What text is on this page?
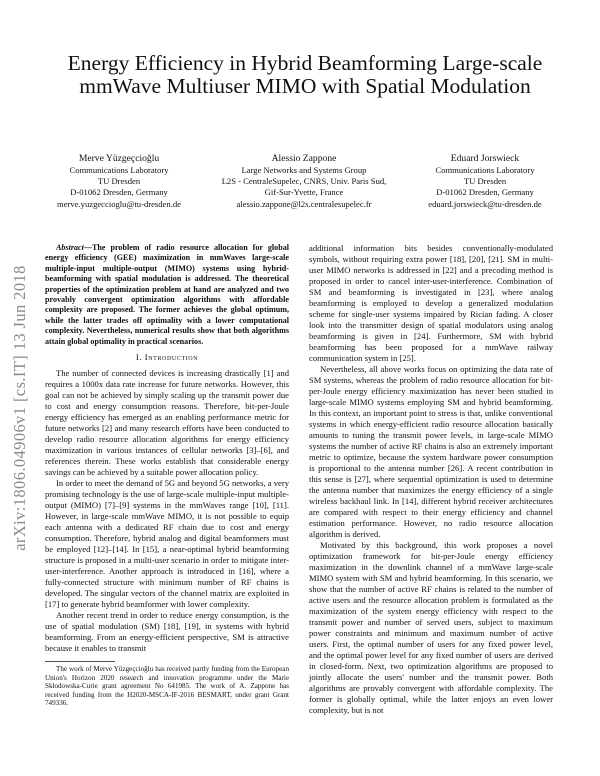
arXiv:1806.04906v1 [cs.IT] 13 Jun 2018
Energy Efficiency in Hybrid Beamforming Large-scale mmWave Multiuser MIMO with Spatial Modulation
Merve Yüzgeçcioğlu
Communications Laboratory
TU Dresden
D-01062 Dresden, Germany
merve.yuzgeccioglu@tu-dresden.de
Alessio Zappone
Large Networks and Systems Group
L2S - CentraleSupelec, CNRS, Univ. Paris Sud,
Gif-Sur-Yvette, France
alessio.zappone@l2s.centralesupelec.fr
Eduard Jorswieck
Communications Laboratory
TU Dresden
D-01062 Dresden, Germany
eduard.jorswieck@tu-dresden.de

Abstract—The problem of radio resource allocation for global energy efficiency (GEE) maximization in mmWaves large-scale multiple-input multiple-output (MIMO) systems using hybrid-beamforming with spatial modulation is addressed. The theoretical properties of the optimization problem at hand are analyzed and two provably convergent optimization algorithms with affordable complexity are proposed. The former achieves the global optimum, while the latter trades off optimality with a lower computational complexity. Nevertheless, numerical results show that both algorithms attain global optimality in practical scenarios.

I. Introduction

The number of connected devices is increasing drastically [1] and requires a 1000x data rate increase for future networks. However, this goal can not be achieved by simply scaling up the transmit power due to cost and energy consumption reasons. Therefore, bit-per-Joule energy efficiency has emerged as an enabling performance metric for future networks [2] and many research efforts have been conducted to develop radio resource allocation algorithms for energy efficiency maximization in various instances of cellular networks [3]–[6], and references therein. These works establish that considerable energy savings can be achieved by a suitable power allocation policy.

In order to meet the demand of 5G and beyond 5G networks, a very promising technology is the use of large-scale multiple-input multiple-output (MIMO) [7]–[9] systems in the mmWaves range [10], [11]. However, in large-scale mmWave MIMO, it is not possible to equip each antenna with a dedicated RF chain due to cost and energy consumption. Therefore, hybrid analog and digital beamformers must be employed [12]–[14]. In [15], a near-optimal hybrid beamforming structure is proposed in a multi-user scenario in order to mitigate inter-user-interference. Another approach is introduced in [16], where a fully-connected structure with minimum number of RF chains is developed. The singular vectors of the channel matrix are exploited in [17] to generate hybrid beamformer with lower complexity.

Another recent trend in order to reduce energy consumption, is the use of spatial modulation (SM) [18], [19], in systems with hybrid beamforming. From an energy-efficient perspective, SM is attractive because it enables to transmit

The work of Merve Yüzgeçcioğlu has received partly funding from the European Union's Horizon 2020 research and innovation programme under the Marie Skłodowska-Curie grant agreement No 641985. The work of A. Zappone has received funding from the H2020-MSCA-IF-2016 BESMART, under grant Grant 749336.

additional information bits besides conventionally-modulated symbols, without requiring extra power [18], [20], [21]. SM in multi-user MIMO networks is addressed in [22] and a precoding method is proposed in order to cancel inter-user-interference. Combination of SM and beamforming is investigated in [23], where analog beamforming is employed to develop a generalized modulation scheme for single-user systems impaired by Rician fading. A closer look into the transmitter design of spatial modulators using analog beamforming is given in [24]. Furthermore, SM with hybrid beamforming has been proposed for a mmWave railway communication system in [25].

Nevertheless, all above works focus on optimizing the data rate of SM systems, whereas the problem of radio resource allocation for bit-per-Joule energy efficiency maximization has never been studied in large-scale MIMO systems employing SM and hybrid beamforming. In this context, an important point to stress is that, unlike conventional systems in which energy-efficient radio resource allocation basically amounts to tuning the transmit power levels, in large-scale MIMO systems the number of active RF chains is also an extremely important metric to optimize, because the system hardware power consumption is proportional to the antenna number [26]. A recent contribution in this sense is [27], where sequential optimization is used to determine the antenna number that maximizes the energy efficiency of a single wireless backhaul link. In [14], different hybrid receiver architectures are compared with respect to their energy efficiency and channel estimation performance. However, no radio resource allocation algorithm is derived.

Motivated by this background, this work proposes a novel optimization framework for bit-per-Joule energy efficiency maximization in the downlink channel of a mmWave large-scale MIMO system with SM and hybrid beamforming. In this scenario, we show that the number of active RF chains is related to the number of active users and the resource allocation problem is formulated as the maximization of the system energy efficiency with respect to the transmit power and number of served users, subject to maximum power constraints and minimum and maximum number of active users. First, the optimal number of users for any fixed power level, and the optimal power level for any fixed number of users are derived in closed-form. Next, two optimization algorithms are proposed to jointly allocate the users' number and the transmit power. Both algorithms are provably convergent with affordable complexity. The former is globally optimal, while the latter enjoys an even lower complexity, but is not
